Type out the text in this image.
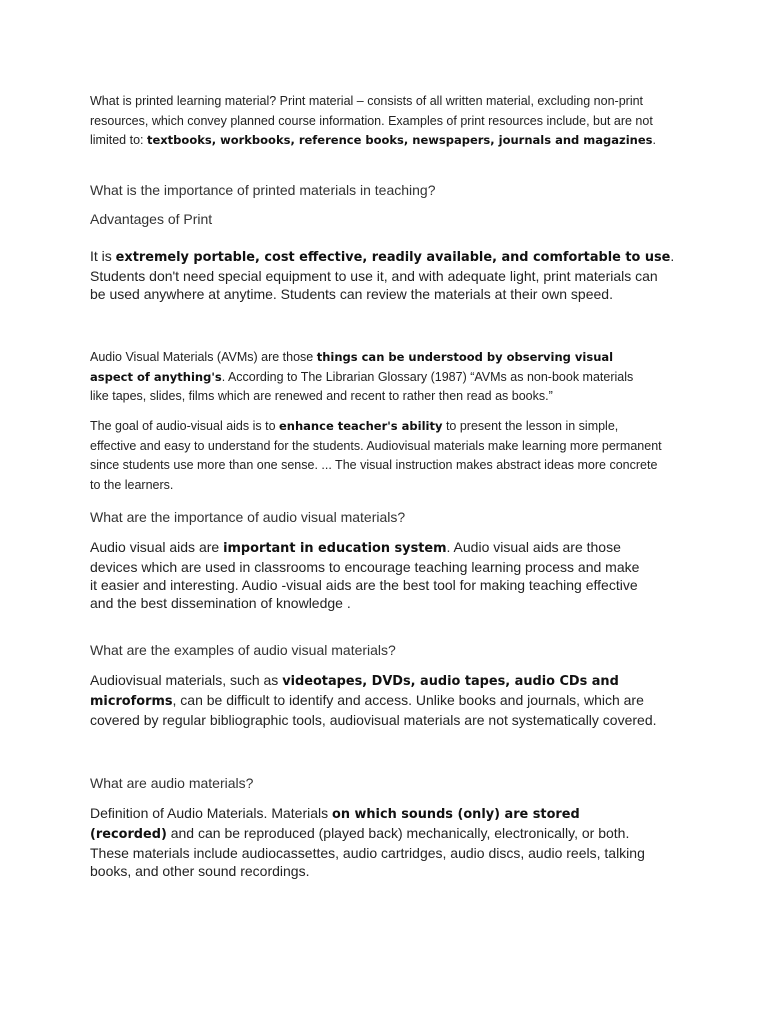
What is printed learning material? Print material – consists of all written material, excluding non-print resources, which convey planned course information. Examples of print resources include, but are not limited to: textbooks, workbooks, reference books, newspapers, journals and magazines.

What is the importance of printed materials in teaching?

Advantages of Print

It is extremely portable, cost effective, readily available, and comfortable to use. Students don't need special equipment to use it, and with adequate light, print materials can be used anywhere at anytime. Students can review the materials at their own speed.

Audio Visual Materials (AVMs) are those things can be understood by observing visual aspect of anything's. According to The Librarian Glossary (1987) “AVMs as non-book materials like tapes, slides, films which are renewed and recent to rather then read as books.”

The goal of audio-visual aids is to enhance teacher's ability to present the lesson in simple, effective and easy to understand for the students. Audiovisual materials make learning more permanent since students use more than one sense. ... The visual instruction makes abstract ideas more concrete to the learners.

What are the importance of audio visual materials?

Audio visual aids are important in education system. Audio visual aids are those devices which are used in classrooms to encourage teaching learning process and make it easier and interesting. Audio -visual aids are the best tool for making teaching effective and the best dissemination of knowledge .

What are the examples of audio visual materials?

Audiovisual materials, such as videotapes, DVDs, audio tapes, audio CDs and microforms, can be difficult to identify and access. Unlike books and journals, which are covered by regular bibliographic tools, audiovisual materials are not systematically covered.

What are audio materials?

Definition of Audio Materials. Materials on which sounds (only) are stored (recorded) and can be reproduced (played back) mechanically, electronically, or both. These materials include audiocassettes, audio cartridges, audio discs, audio reels, talking books, and other sound recordings.
